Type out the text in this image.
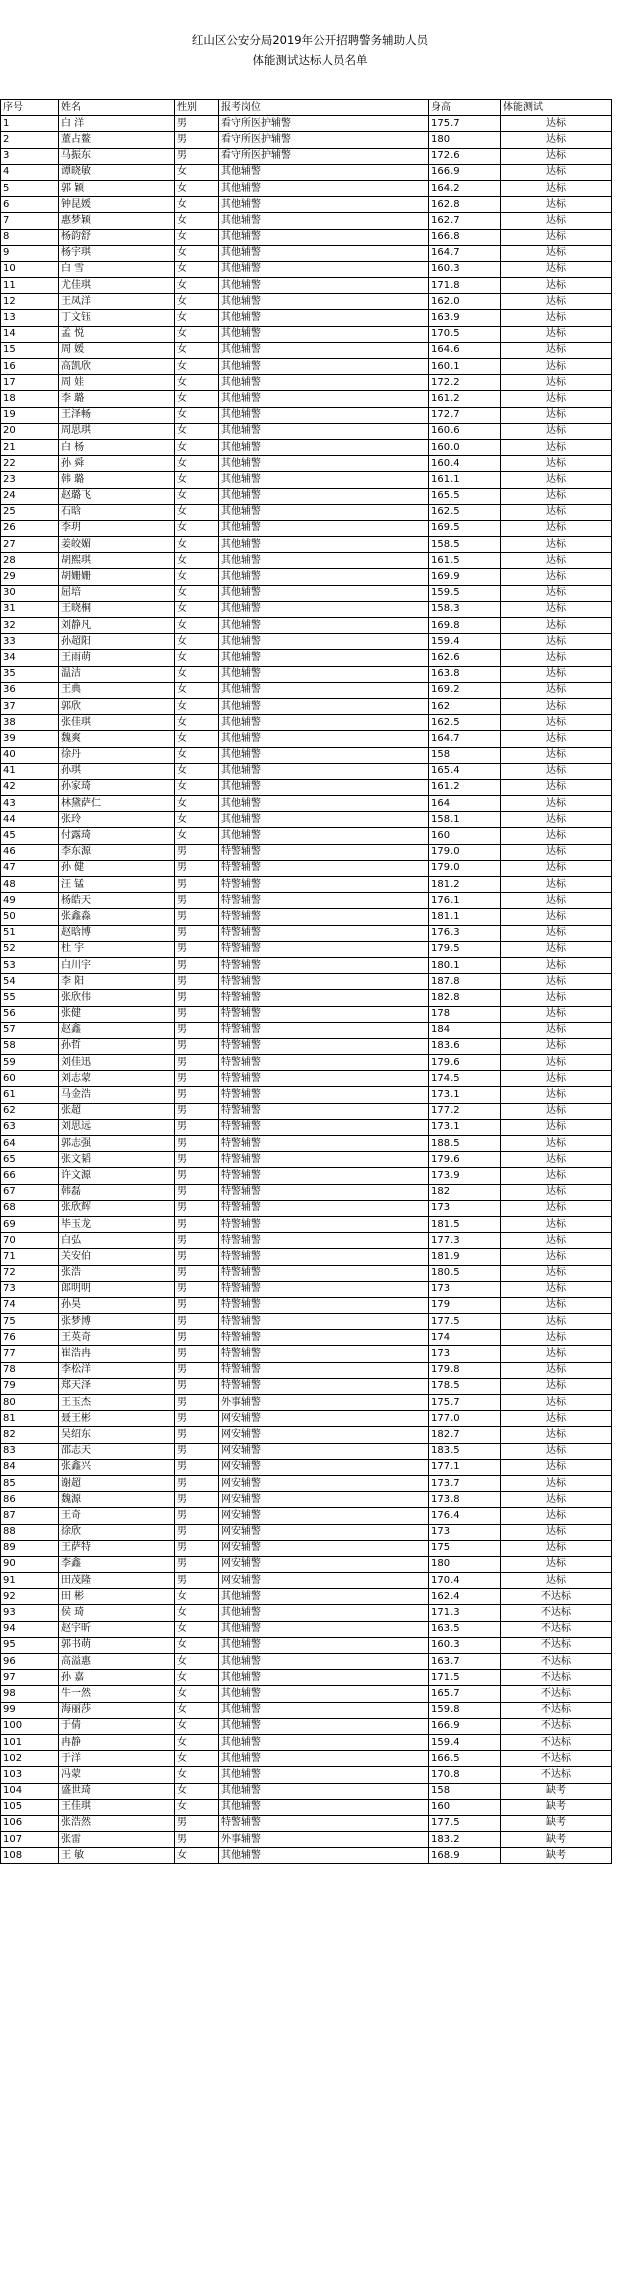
红山区公安分局2019年公开招聘警务辅助人员
体能测试达标人员名单
序号	姓名	性别	报考岗位	身高	体能测试
1	白 洋	男	看守所医护辅警	175.7	达标
2	董占鳌	男	看守所医护辅警	180	达标
3	马振东	男	看守所医护辅警	172.6	达标
4	谭晓敏	女	其他辅警	166.9	达标
5	郭 颖	女	其他辅警	164.2	达标
6	钟昆媛	女	其他辅警	162.8	达标
7	惠梦颖	女	其他辅警	162.7	达标
8	杨韵舒	女	其他辅警	166.8	达标
9	杨宇琪	女	其他辅警	164.7	达标
10	白 雪	女	其他辅警	160.3	达标
11	尤佳琪	女	其他辅警	171.8	达标
12	王凤洋	女	其他辅警	162.0	达标
13	丁文钰	女	其他辅警	163.9	达标
14	孟 悦	女	其他辅警	170.5	达标
15	周 媛	女	其他辅警	164.6	达标
16	高凯欣	女	其他辅警	160.1	达标
17	周 娃	女	其他辅警	172.2	达标
18	李 璐	女	其他辅警	161.2	达标
19	王泽畅	女	其他辅警	172.7	达标
20	周思琪	女	其他辅警	160.6	达标
21	白 杨	女	其他辅警	160.0	达标
22	孙 舜	女	其他辅警	160.4	达标
23	韩 璐	女	其他辅警	161.1	达标
24	赵璐飞	女	其他辅警	165.5	达标
25	石晗	女	其他辅警	162.5	达标
26	李玥	女	其他辅警	169.5	达标
27	姜皎媚	女	其他辅警	158.5	达标
28	胡熙琪	女	其他辅警	161.5	达标
29	胡姗姗	女	其他辅警	169.9	达标
30	屈培	女	其他辅警	159.5	达标
31	王晓桐	女	其他辅警	158.3	达标
32	刘静凡	女	其他辅警	169.8	达标
33	孙超阳	女	其他辅警	159.4	达标
34	王雨萌	女	其他辅警	162.6	达标
35	温洁	女	其他辅警	163.8	达标
36	王典	女	其他辅警	169.2	达标
37	郭欣	女	其他辅警	162	达标
38	张佳琪	女	其他辅警	162.5	达标
39	魏爽	女	其他辅警	164.7	达标
40	徐丹	女	其他辅警	158	达标
41	孙琪	女	其他辅警	165.4	达标
42	孙家琦	女	其他辅警	161.2	达标
43	林黛萨仁	女	其他辅警	164	达标
44	张玲	女	其他辅警	158.1	达标
45	付露琦	女	其他辅警	160	达标
46	李东源	男	特警辅警	179.0	达标
47	孙 健	男	特警辅警	179.0	达标
48	汪 锰	男	特警辅警	181.2	达标
49	杨皓天	男	特警辅警	176.1	达标
50	张鑫淼	男	特警辅警	181.1	达标
51	赵晗博	男	特警辅警	176.3	达标
52	杜 宇	男	特警辅警	179.5	达标
53	白川宇	男	特警辅警	180.1	达标
54	李 阳	男	特警辅警	187.8	达标
55	张欣伟	男	特警辅警	182.8	达标
56	张健	男	特警辅警	178	达标
57	赵鑫	男	特警辅警	184	达标
58	孙哲	男	特警辅警	183.6	达标
59	刘佳迅	男	特警辅警	179.6	达标
60	刘志蒙	男	特警辅警	174.5	达标
61	马金浩	男	特警辅警	173.1	达标
62	张超	男	特警辅警	177.2	达标
63	刘思远	男	特警辅警	173.1	达标
64	郭志强	男	特警辅警	188.5	达标
65	张文韬	男	特警辅警	179.6	达标
66	许文源	男	特警辅警	173.9	达标
67	韩磊	男	特警辅警	182	达标
68	张欣辉	男	特警辅警	173	达标
69	毕玉龙	男	特警辅警	181.5	达标
70	白弘	男	特警辅警	177.3	达标
71	关安伯	男	特警辅警	181.9	达标
72	张浩	男	特警辅警	180.5	达标
73	郎明明	男	特警辅警	173	达标
74	孙昊	男	特警辅警	179	达标
75	张梦博	男	特警辅警	177.5	达标
76	王英奇	男	特警辅警	174	达标
77	崔浩冉	男	特警辅警	173	达标
78	李松洋	男	特警辅警	179.8	达标
79	郑天泽	男	特警辅警	178.5	达标
80	王玉杰	男	外事辅警	175.7	达标
81	聂王彬	男	网安辅警	177.0	达标
82	吴绍东	男	网安辅警	182.7	达标
83	邵志天	男	网安辅警	183.5	达标
84	张鑫兴	男	网安辅警	177.1	达标
85	谢超	男	网安辅警	173.7	达标
86	魏源	男	网安辅警	173.8	达标
87	王奇	男	网安辅警	176.4	达标
88	徐欣	男	网安辅警	173	达标
89	王萨特	男	网安辅警	175	达标
90	李鑫	男	网安辅警	180	达标
91	田茂隆	男	网安辅警	170.4	达标
92	田 彬	女	其他辅警	162.4	不达标
93	侯 琦	女	其他辅警	171.3	不达标
94	赵宇昕	女	其他辅警	163.5	不达标
95	郭书萌	女	其他辅警	160.3	不达标
96	高溢惠	女	其他辅警	163.7	不达标
97	孙 嘉	女	其他辅警	171.5	不达标
98	牛一然	女	其他辅警	165.7	不达标
99	海丽莎	女	其他辅警	159.8	不达标
100	于倩	女	其他辅警	166.9	不达标
101	冉静	女	其他辅警	159.4	不达标
102	于洋	女	其他辅警	166.5	不达标
103	冯蒙	女	其他辅警	170.8	不达标
104	盛世琦	女	其他辅警	158	缺考
105	王佳琪	女	其他辅警	160	缺考
106	张浩然	男	特警辅警	177.5	缺考
107	张雷	男	外事辅警	183.2	缺考
108	王 敏	女	其他辅警	168.9	缺考
